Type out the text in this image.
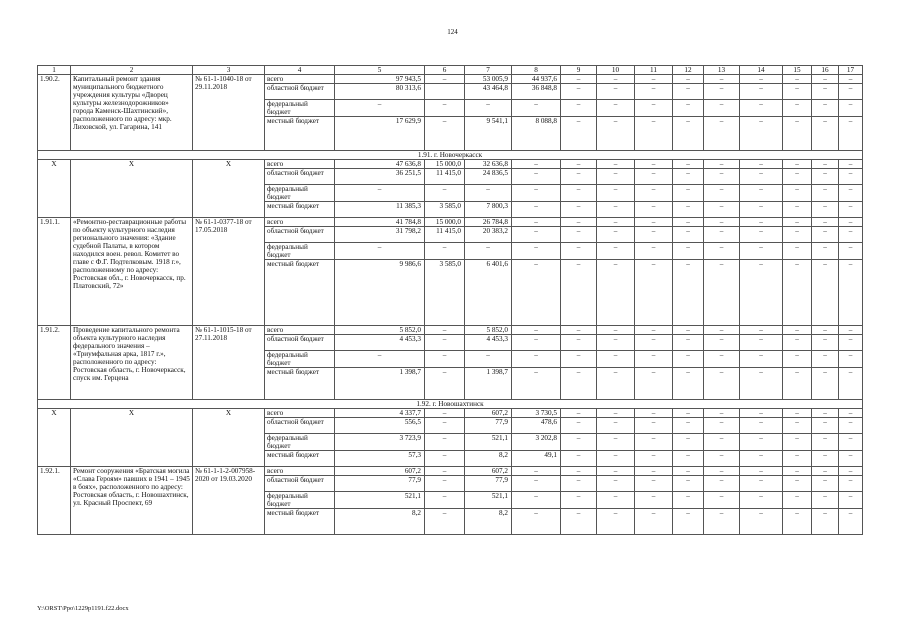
124
1	2	3	4	5	6	7	8	9	10	11	12	13	14	15	16	17
1.90.2.	Капитальный ремонт здания муниципального бюджетного учреждения культуры «Дворец культуры железнодорожников» города Каменск-Шахтинский», расположенного по адресу: мкр. Лиховской, ул. Гагарина, 141	№ 61-1-1040-18 от 29.11.2018	всего	97 943,5	–	53 005,9	44 937,6	–	–	–	–	–	–	–	–	–
			областной бюджет	80 313,6		43 464,8	36 848,8	–	–	–	–	–	–	–	–	–
			федеральный бюджет	–	–	–	–	–	–	–	–	–	–	–	–	–
			местный бюджет	17 629,9	–	9 541,1	8 088,8	–	–	–	–	–	–	–	–	–
1.91. г. Новочеркасск																
Х	Х	Х	всего	47 636,8	15 000,0	32 636,8	–	–	–	–	–	–	–	–	–	–
			областной бюджет	36 251,5	11 415,0	24 836,5	–	–	–	–	–	–	–	–	–	–
			федеральный бюджет	–	–	–	–	–	–	–	–	–	–	–	–	–
			местный бюджет	11 385,3	3 585,0	7 800,3	–	–	–	–	–	–	–	–	–	–
1.91.1.	«Ремонтно-реставрационные работы по объекту культурного наследия регионального значения: «Здание судебной Палаты, в котором находился воен. револ. Комитет во главе с Ф.Г. Подтелковым. 1918 г.», расположенному по адресу: Ростовская обл., г. Новочеркасск, пр. Платовский, 72»	№ 61-1-0377-18 от 17.05.2018	всего	41 784,8	15 000,0	26 784,8	–	–	–	–	–	–	–	–	–	–
			областной бюджет	31 798,2	11 415,0	20 383,2	–	–	–	–	–	–	–	–	–	–
			федеральный бюджет	–	–	–	–	–	–	–	–	–	–	–	–	–
			местный бюджет	9 986,6	3 585,0	6 401,6	–	–	–	–	–	–	–	–	–	–
1.91.2.	Проведение капитального ремонта объекта культурного наследия федерального значения – «Триумфальная арка, 1817 г.», расположенного по адресу: Ростовская область, г. Новочеркасск, спуск им. Герцена	№ 61-1-1015-18 от 27.11.2018	всего	5 852,0	–	5 852,0	–	–	–	–	–	–	–	–	–	–
			областной бюджет	4 453,3	–	4 453,3	–	–	–	–	–	–	–	–	–	–
			федеральный бюджет	–	–	–	–	–	–	–	–	–	–	–	–	–
			местный бюджет	1 398,7	–	1 398,7	–	–	–	–	–	–	–	–	–	–
1.92. г. Новошахтинск																
Х	Х	Х	всего	4 337,7	–	607,2	3 730,5	–	–	–	–	–	–	–	–	–
			областной бюджет	556,5	–	77,9	478,6	–	–	–	–	–	–	–	–	–
			федеральный бюджет	3 723,9	–	521,1	3 202,8	–	–	–	–	–	–	–	–	–
			местный бюджет	57,3	–	8,2	49,1	–	–	–	–	–	–	–	–	–
1.92.1.	Ремонт сооружения «Братская могила «Слава Героям» павших в 1941 – 1945 в боях», расположенного по адресу: Ростовская область, г. Новошахтинск, ул. Красный Проспект, 69	№ 61-1-1-2-007958-2020 от 19.03.2020	всего	607,2	–	607,2	–	–	–	–	–	–	–	–	–	–
			областной бюджет	77,9	–	77,9	–	–	–	–	–	–	–	–	–	–
			федеральный бюджет	521,1	–	521,1	–	–	–	–	–	–	–	–	–	–
			местный бюджет	8,2	–	8,2	–	–	–	–	–	–	–	–	–	–
Y:\ORST\Ppo\1229p1191.f22.docx
